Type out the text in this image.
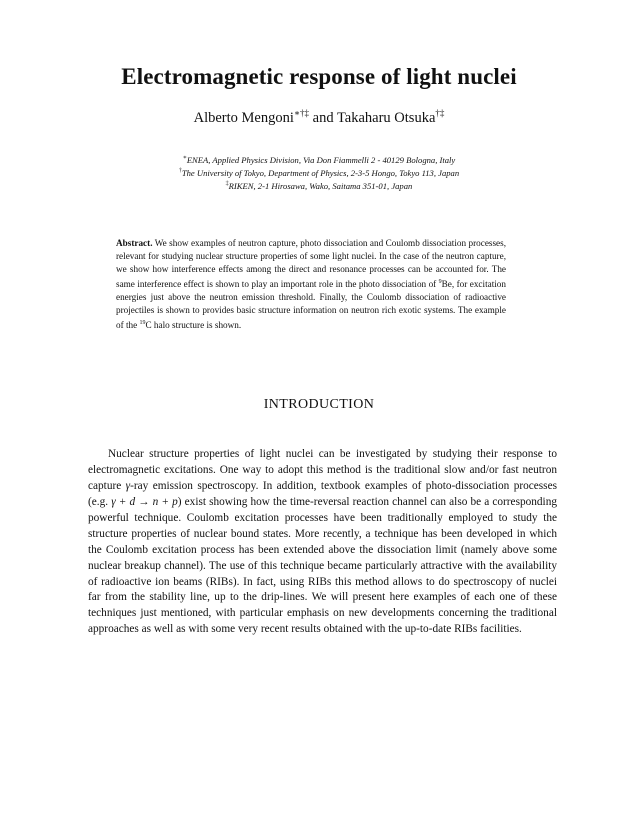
Electromagnetic response of light nuclei
Alberto Mengoni∗†‡ and Takaharu Otsuka†‡
∗ENEA, Applied Physics Division, Via Don Fiammelli 2 - 40129 Bologna, Italy
†The University of Tokyo, Department of Physics, 2-3-5 Hongo, Tokyo 113, Japan
‡RIKEN, 2-1 Hirosawa, Wako, Saitama 351-01, Japan
Abstract. We show examples of neutron capture, photo dissociation and Coulomb dissociation processes, relevant for studying nuclear structure properties of some light nuclei. In the case of the neutron capture, we show how interference effects among the direct and resonance processes can be accounted for. The same interference effect is shown to play an important role in the photo dissociation of $^9$Be, for excitation energies just above the neutron emission threshold. Finally, the Coulomb dissociation of radioactive projectiles is shown to provides basic structure information on neutron rich exotic systems. The example of the $^{19}$C halo structure is shown.
INTRODUCTION
Nuclear structure properties of light nuclei can be investigated by studying their response to electromagnetic excitations. One way to adopt this method is the traditional slow and/or fast neutron capture γ-ray emission spectroscopy. In addition, textbook examples of photo-dissociation processes (e.g. γ + d → n + p) exist showing how the time-reversal reaction channel can also be a corresponding powerful technique. Coulomb excitation processes have been traditionally employed to study the structure properties of nuclear bound states. More recently, a technique has been developed in which the Coulomb excitation process has been extended above the dissociation limit (namely above some nuclear breakup channel). The use of this technique became particularly attractive with the availability of radioactive ion beams (RIBs). In fact, using RIBs this method allows to do spectroscopy of nuclei far from the stability line, up to the drip-lines. We will present here examples of each one of these techniques just mentioned, with particular emphasis on new developments concerning the traditional approaches as well as with some very recent results obtained with the up-to-date RIBs facilities.
